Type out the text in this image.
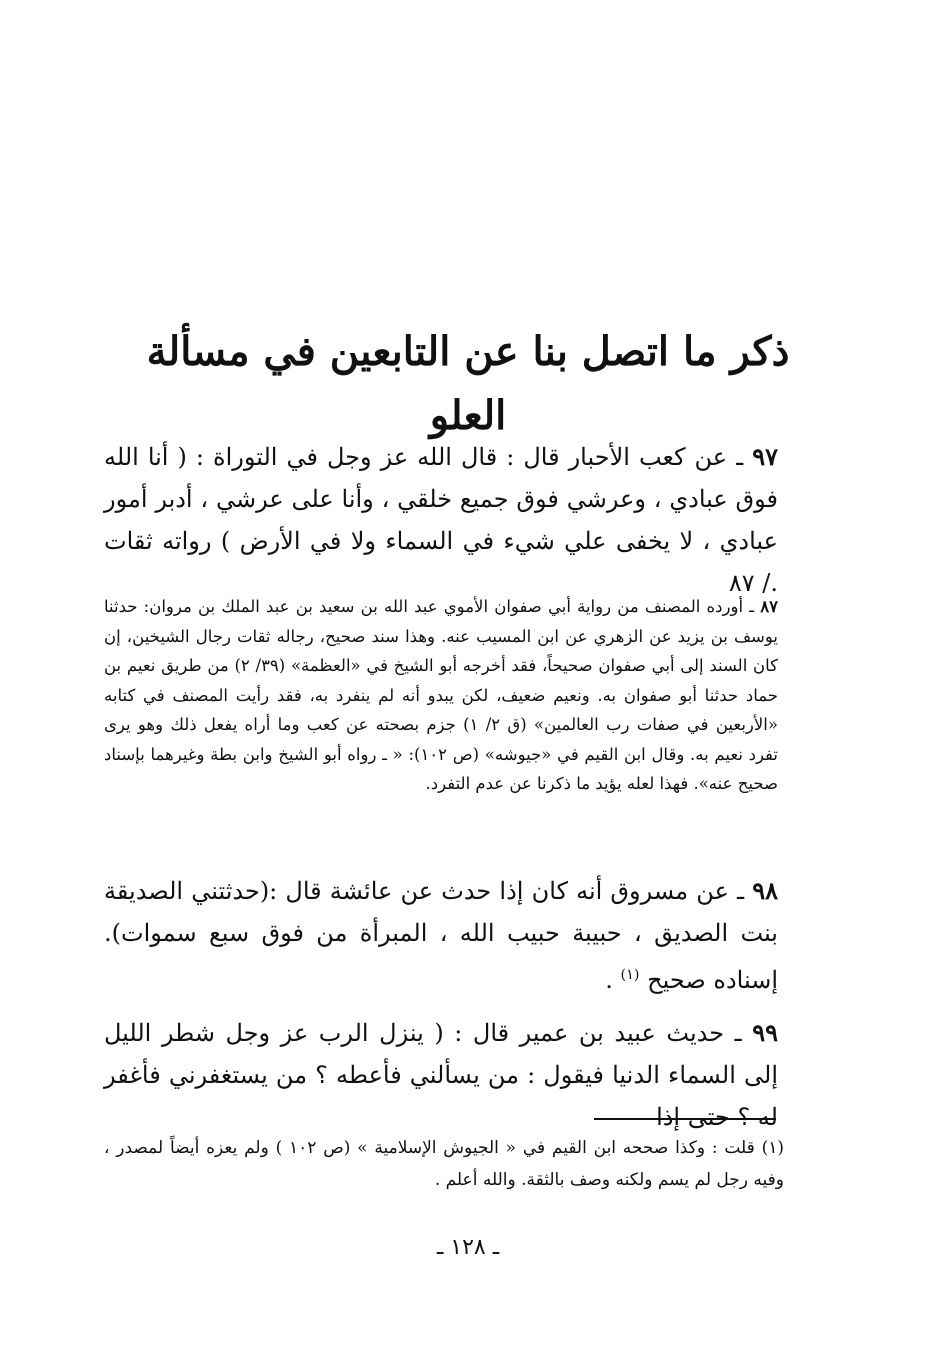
ذكر ما اتصل بنا عن التابعين في مسألة العلو
٩٧ ـ عن كعب الأحبار قال : قال الله عز وجل في التوراة : ( أنا الله فوق عبادي ، وعرشي فوق جميع خلقي ، وأنا على عرشي ، أدبر أمور عبادي ، لا يخفى علي شيء في السماء ولا في الأرض ) رواته ثقات ./ ٨٧
٨٧ ـ أورده المصنف من رواية أبي صفوان الأموي عبد الله بن سعيد بن عبد الملك بن مروان: حدثنا يوسف بن يزيد عن الزهري عن ابن المسيب عنه. وهذا سند صحيح، رجاله ثقات رجال الشيخين، إن كان السند إلى أبي صفوان صحيحاً، فقد أخرجه أبو الشيخ في «العظمة» (٣٩/ ٢) من طريق نعيم بن حماد حدثنا أبو صفوان به. ونعيم ضعيف، لكن يبدو أنه لم ينفرد به، فقد رأيت المصنف في كتابه «الأربعين في صفات رب العالمين» (ق ٢/ ١) جزم بصحته عن كعب وما أراه يفعل ذلك وهو يرى تفرد نعيم به. وقال ابن القيم في «جيوشه» (ص ١٠٢): « ـ رواه أبو الشيخ وابن بطة وغيرهما بإسناد صحيح عنه». فهذا لعله يؤيد ما ذكرنا عن عدم التفرد.
٩٨ ـ عن مسروق أنه كان إذا حدث عن عائشة قال :(حدثتني الصديقة بنت الصديق ، حبيبة حبيب الله ، المبرأة من فوق سبع سموات). إسناده صحيح $^{(١)}$ .
٩٩ ـ حديث عبيد بن عمير قال : ( ينزل الرب عز وجل شطر الليل إلى السماء الدنيا فيقول : من يسألني فأعطه ؟ من يستغفرني فأغفر له ؟ حتى إذا
(١) قلت : وكذا صححه ابن القيم في « الجيوش الإسلامية » (ص ١٠٢ ) ولم يعزه أيضاً لمصدر ، وفيه رجل لم يسم ولكنه وصف بالثقة. والله أعلم .
ـ ١٢٨ ـ
